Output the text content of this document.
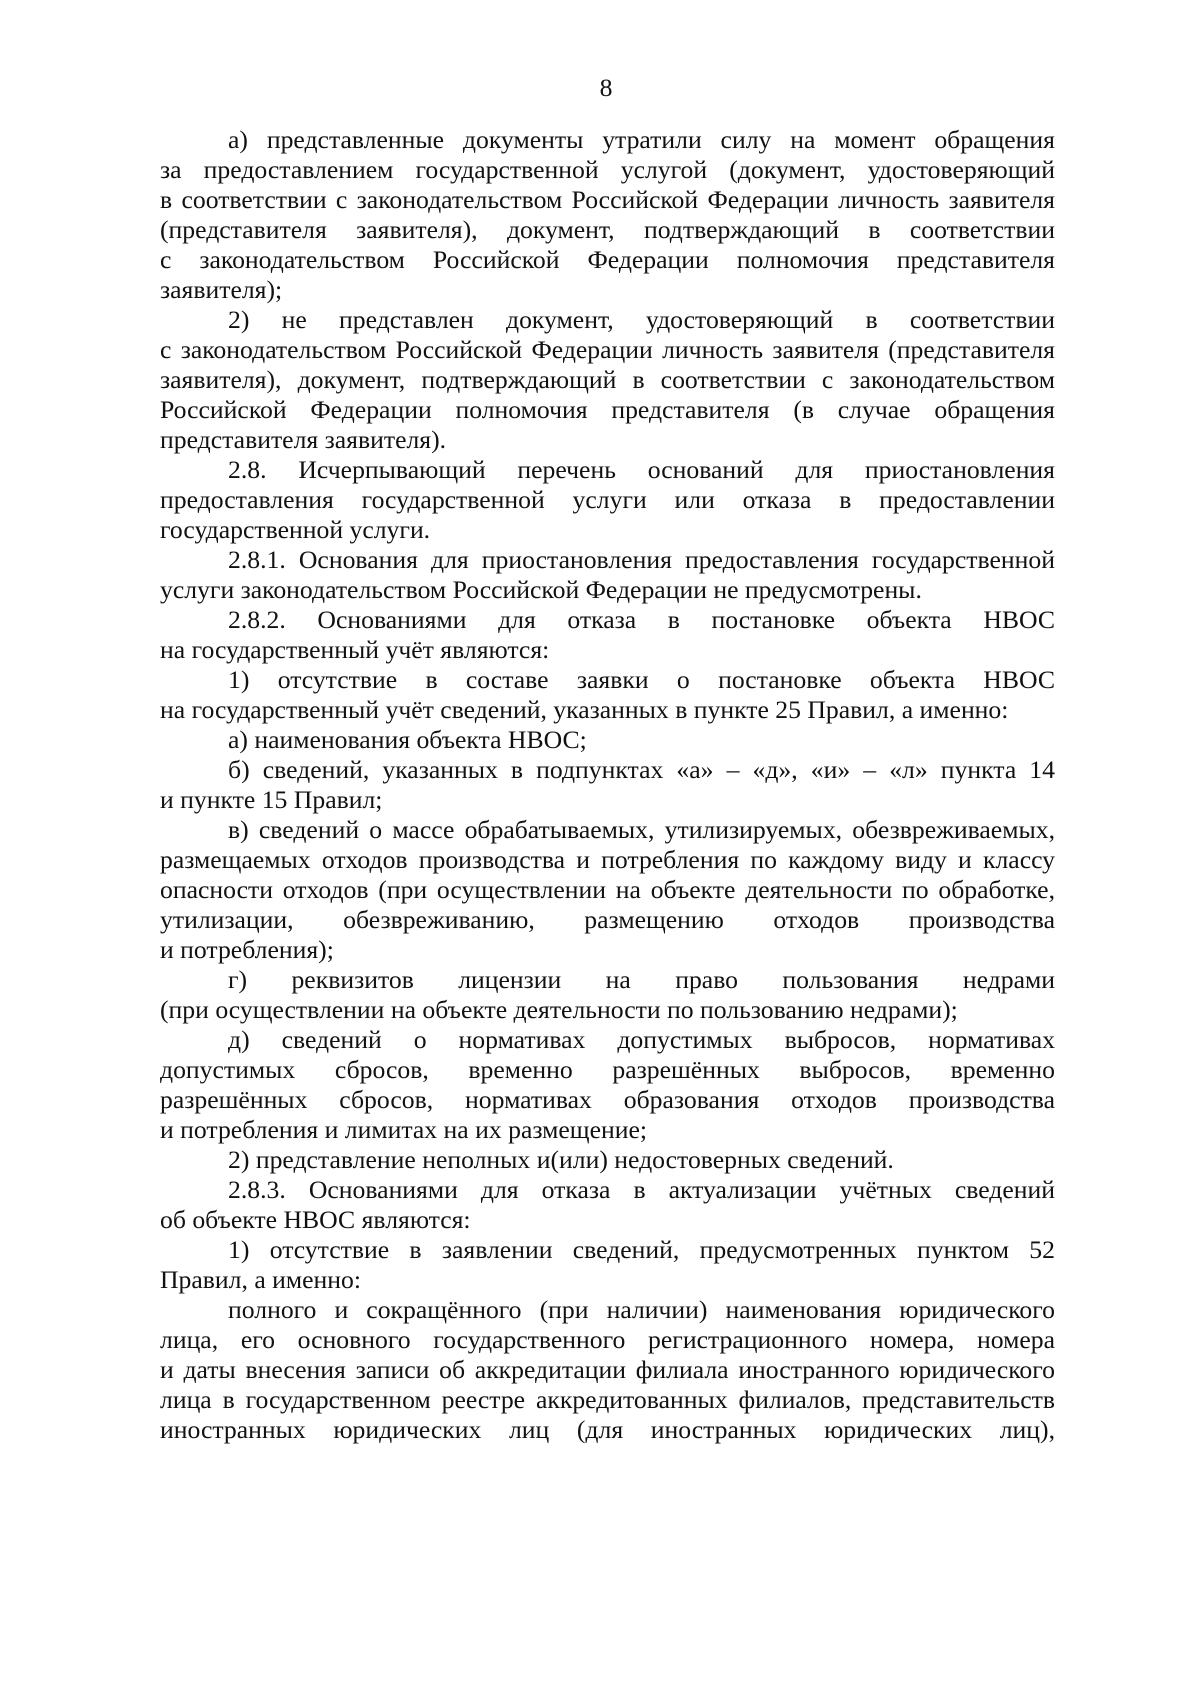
8
а) представленные документы утратили силу на момент обращения
за предоставлением государственной услугой (документ, удостоверяющий
в соответствии с законодательством Российской Федерации личность заявителя
(представителя заявителя), документ, подтверждающий в соответствии
с законодательством Российской Федерации полномочия представителя
заявителя);
2) не представлен документ, удостоверяющий в соответствии
с законодательством Российской Федерации личность заявителя (представителя
заявителя), документ, подтверждающий в соответствии с законодательством
Российской Федерации полномочия представителя (в случае обращения
представителя заявителя).
2.8. Исчерпывающий перечень оснований для приостановления
предоставления государственной услуги или отказа в предоставлении
государственной услуги.
2.8.1. Основания для приостановления предоставления государственной
услуги законодательством Российской Федерации не предусмотрены.
2.8.2. Основаниями для отказа в постановке объекта НВОС
на государственный учёт являются:
1) отсутствие в составе заявки о постановке объекта НВОС
на государственный учёт сведений, указанных в пункте 25 Правил, а именно:
а) наименования объекта НВОС;
б) сведений, указанных в подпунктах «а» – «д», «и» – «л» пункта 14
и пункте 15 Правил;
в) сведений о массе обрабатываемых, утилизируемых, обезвреживаемых,
размещаемых отходов производства и потребления по каждому виду и классу
опасности отходов (при осуществлении на объекте деятельности по обработке,
утилизации, обезвреживанию, размещению отходов производства
и потребления);
г) реквизитов лицензии на право пользования недрами
(при осуществлении на объекте деятельности по пользованию недрами);
д) сведений о нормативах допустимых выбросов, нормативах
допустимых сбросов, временно разрешённых выбросов, временно
разрешённых сбросов, нормативах образования отходов производства
и потребления и лимитах на их размещение;
2) представление неполных и(или) недостоверных сведений.
2.8.3. Основаниями для отказа в актуализации учётных сведений
об объекте НВОС являются:
1) отсутствие в заявлении сведений, предусмотренных пунктом 52
Правил, а именно:
полного и сокращённого (при наличии) наименования юридического
лица, его основного государственного регистрационного номера, номера
и даты внесения записи об аккредитации филиала иностранного юридического
лица в государственном реестре аккредитованных филиалов, представительств
иностранных юридических лиц (для иностранных юридических лиц),
